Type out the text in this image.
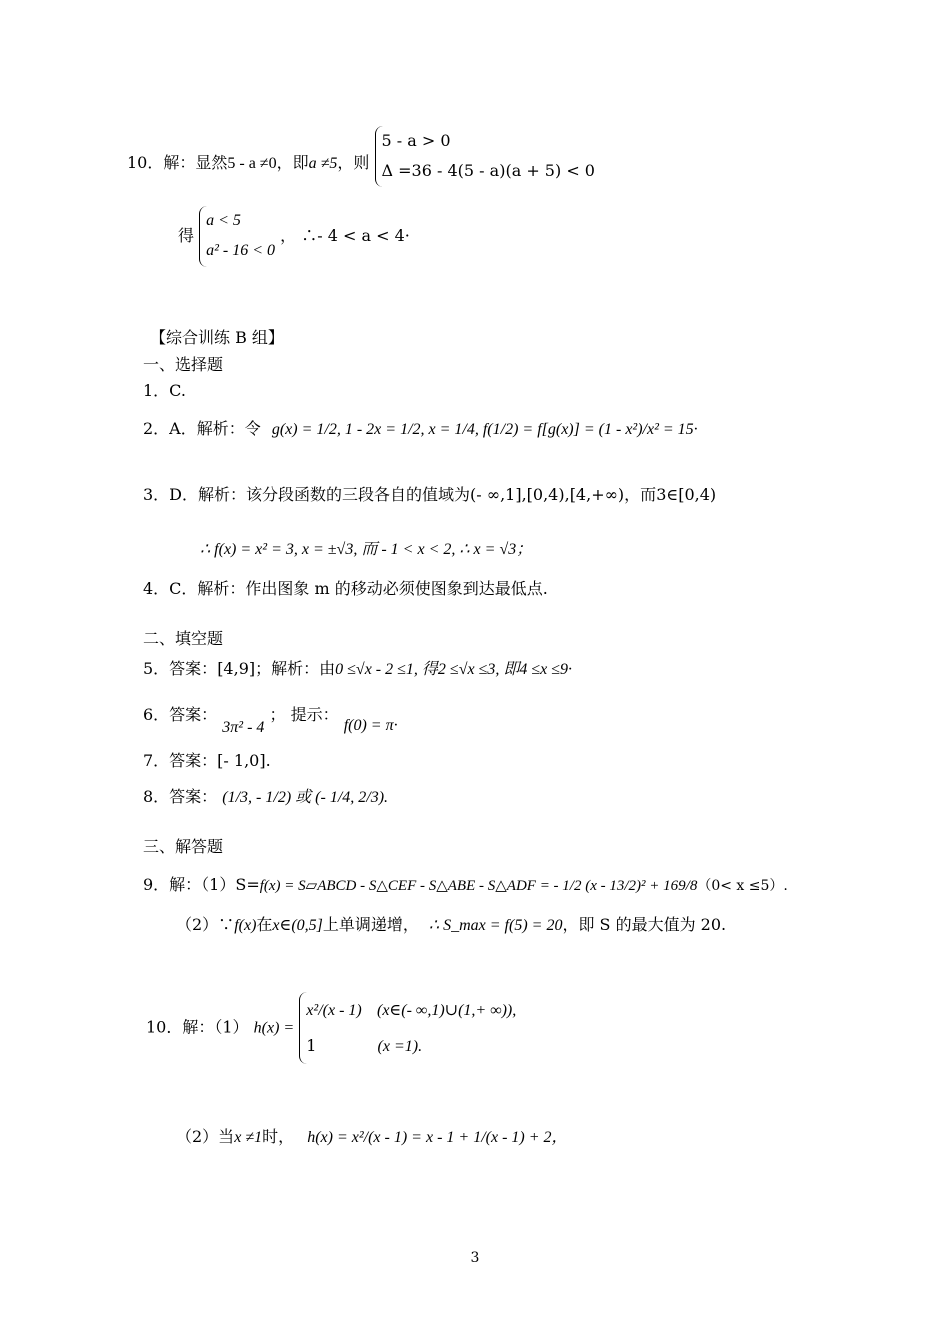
10．解：显然5 - a ≠0，即a ≠5，则
5 - a > 0
Δ =36 - 4(5 - a)(a + 5) < 0
得
a < 5
a² - 16 < 0
， ∴- 4 < a < 4·
【综合训练 B 组】
一、选择题
1．C.
2．A．解析：令 g(x) = 1/2, 1 - 2x = 1/2, x = 1/4, f(1/2) = f[g(x)] = (1 - x²)/x² = 15·
3．D．解析：该分段函数的三段各自的值域为(- ∞,1],[0,4),[4,+∞)，而3∈[0,4)
∴ f(x) = x² = 3, x = ±√3, 而 - 1 < x < 2, ∴ x = √3；
4．C．解析：作出图象 m 的移动必须使图象到达最低点.
二、填空题
5．答案：[4,9]；解析：由0 ≤√x - 2 ≤1, 得2 ≤√x ≤3, 即4 ≤x ≤9·
6．答案： 3π² - 4 ； 提示： f(0) = π·
7．答案：[- 1,0].
8．答案： (1/3, - 1/2) 或 (- 1/4, 2/3).
三、解答题
9．解：（1）S=f(x) = S▱ABCD - S△CEF - S△ABE - S△ADF = - 1/2 (x - 13/2)² + 169/8（0< x ≤5）.
（2）∵f(x)在x∈(0,5]上单调递增， ∴ S_max = f(5) = 20，即 S 的最大值为 20.
10．解：（1） h(x) =
x²/(x - 1) (x∈(- ∞,1)∪(1,+ ∞)),
1	(x =1).
（2）当x ≠1时， h(x) = x²/(x - 1) = x - 1 + 1/(x - 1) + 2，
3
